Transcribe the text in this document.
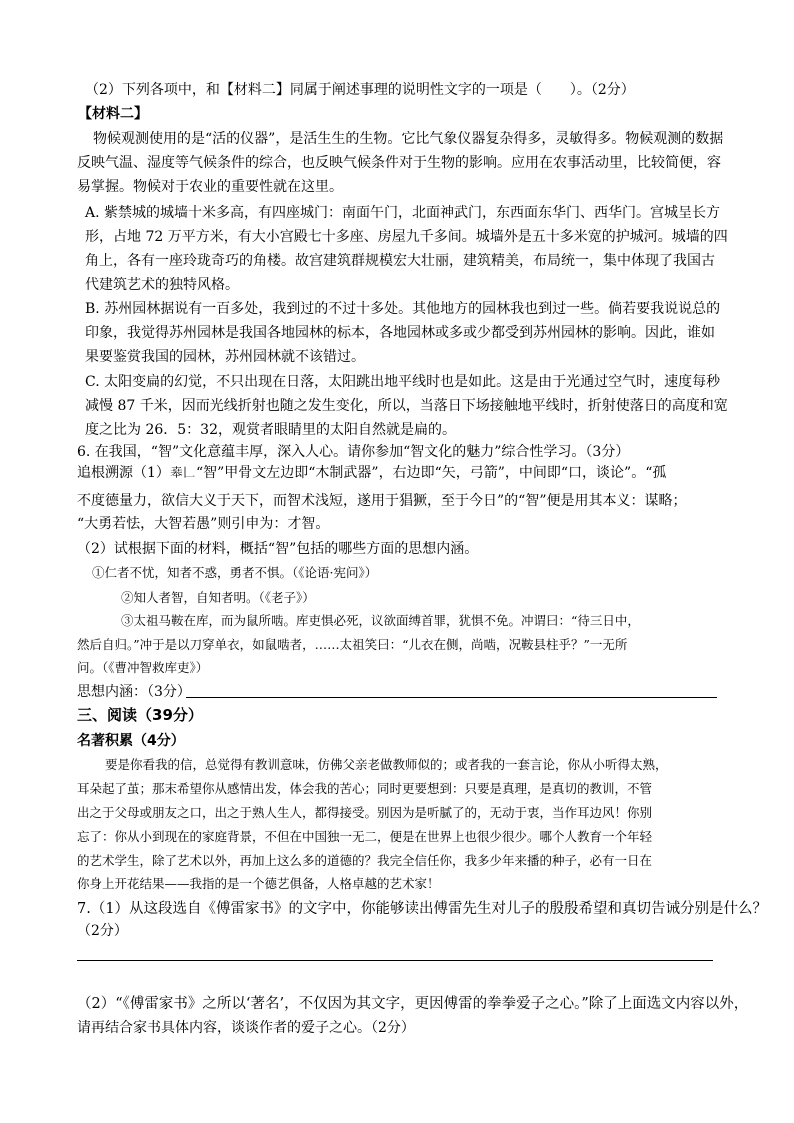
（2）下列各项中，和【材料二】同属于阐述事理的说明性文字的一项是（　　）。（2分）
【材料二】
物候观测使用的是“活的仪器”，是活生生的生物。它比气象仪器复杂得多，灵敏得多。物候观测的数据
反映气温、湿度等气候条件的综合，也反映气候条件对于生物的影响。应用在农事活动里，比较简便，容
易掌握。物候对于农业的重要性就在这里。
A. 紫禁城的城墙十米多高，有四座城门：南面午门，北面神武门，东西面东华门、西华门。宫城呈长方
形，占地 72 万平方米，有大小宫殿七十多座、房屋九千多间。城墙外是五十多米宽的护城河。城墙的四
角上，各有一座玲珑奇巧的角楼。故宫建筑群规模宏大壮丽，建筑精美，布局统一，集中体现了我国古
代建筑艺术的独特风格。
B. 苏州园林据说有一百多处，我到过的不过十多处。其他地方的园林我也到过一些。倘若要我说说总的
印象，我觉得苏州园林是我国各地园林的标本，各地园林或多或少都受到苏州园林的影响。因此，谁如
果要鉴赏我国的园林，苏州园林就不该错过。
C. 太阳变扁的幻觉，不只出现在日落，太阳跳出地平线时也是如此。这是由于光通过空气时，速度每秒
减慢 87 千米，因而光线折射也随之发生变化，所以，当落日下场接触地平线时，折射使落日的高度和宽
度之比为 26．5：32，观赏者眼睛里的太阳自然就是扁的。
6. 在我国，“智”文化意蕴丰厚，深入人心。请你参加“智文化的魅力”综合性学习。（3分）
追根溯源（1）𠦪𠃊“智”甲骨文左边即“木制武器”，右边即“矢，弓箭”，中间即“口，谈论”。“孤
不度德量力，欲信大义于天下，而智术浅短，遂用于猖獗，至于今日”的“智”便是用其本义：谋略；
“大勇若怯，大智若愚”则引申为：才智。
（2）试根据下面的材料，概括“智”包括的哪些方面的思想内涵。
①仁者不忧，知者不惑，勇者不惧。（《论语·宪问》）
②知人者智，自知者明。（《老子》）
③太祖马鞍在库，而为鼠所啮。库吏惧必死，议欲面缚首罪，犹惧不免。冲谓曰：“待三日中，
然后自归。”冲于是以刀穿单衣，如鼠啮者，……太祖笑曰：“儿衣在侧，尚啮，况鞍县柱乎？”一无所
问。（《曹冲智救库吏》）
思想内涵：（3分）
三、阅读（39分）
名著积累（4分）
要是你看我的信，总觉得有教训意味，仿佛父亲老做教师似的；或者我的一套言论，你从小听得太熟，
耳朵起了茧；那末希望你从感情出发，体会我的苦心；同时更要想到：只要是真理，是真切的教训，不管
出之于父母或朋友之口，出之于熟人生人，都得接受。别因为是听腻了的，无动于衷，当作耳边风！你别
忘了：你从小到现在的家庭背景，不但在中国独一无二，便是在世界上也很少很少。哪个人教育一个年轻
的艺术学生，除了艺术以外，再加上这么多的道德的？我完全信任你，我多少年来播的种子，必有一日在
你身上开花结果——我指的是一个德艺俱备，人格卓越的艺术家！
7.（1）从这段选自《傅雷家书》的文字中，你能够读出傅雷先生对儿子的殷殷希望和真切告诫分别是什么？
（2分）
（2）“《傅雷家书》之所以‘著名’，不仅因为其文字，更因傅雷的拳拳爱子之心。”除了上面选文内容以外，
请再结合家书具体内容，谈谈作者的爱子之心。（2分）
